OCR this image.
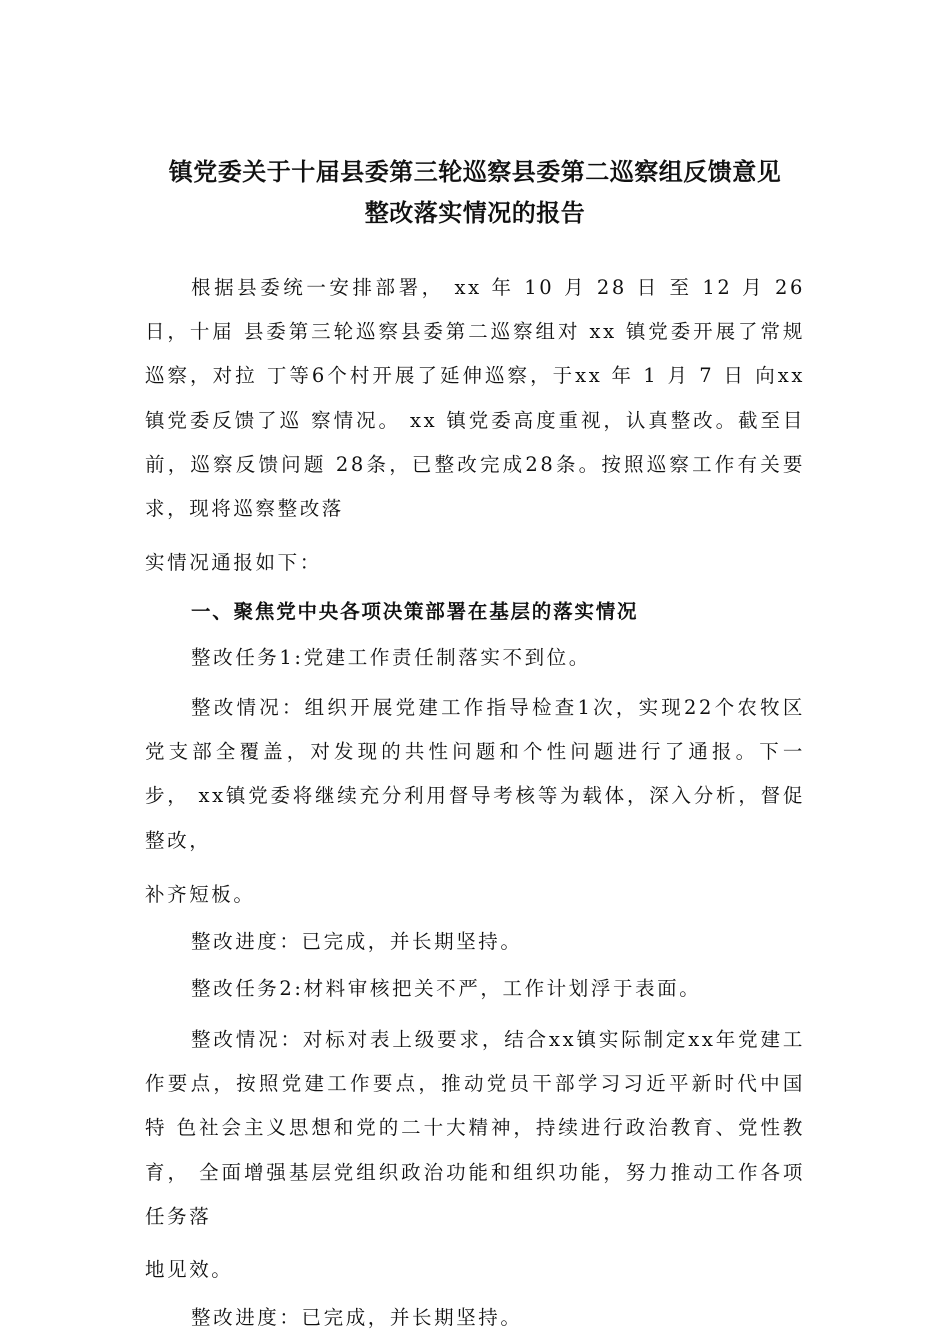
镇党委关于十届县委第三轮巡察县委第二巡察组反馈意见
整改落实情况的报告

根据县委统一安排部署， xx 年 10 月 28 日 至 12 月 26 日，十届 县委第三轮巡察县委第二巡察组对 xx 镇党委开展了常规巡察，对拉 丁等6个村开展了延伸巡察，于xx 年 1 月 7 日 向xx 镇党委反馈了巡 察情况。 xx 镇党委高度重视，认真整改。截至目前，巡察反馈问题 28条，已整改完成28条。按照巡察工作有关要求，现将巡察整改落

实情况通报如下：

一、聚焦党中央各项决策部署在基层的落实情况

整改任务1:党建工作责任制落实不到位。

整改情况：组织开展党建工作指导检查1次，实现22个农牧区 党支部全覆盖，对发现的共性问题和个性问题进行了通报。下一步， xx镇党委将继续充分利用督导考核等为载体，深入分析，督促整改，

补齐短板。

整改进度：已完成，并长期坚持。

整改任务2:材料审核把关不严，工作计划浮于表面。

整改情况：对标对表上级要求，结合xx镇实际制定xx年党建工 作要点，按照党建工作要点，推动党员干部学习习近平新时代中国特 色社会主义思想和党的二十大精神，持续进行政治教育、党性教育， 全面增强基层党组织政治功能和组织功能，努力推动工作各项任务落

地见效。

整改进度：已完成，并长期坚持。
